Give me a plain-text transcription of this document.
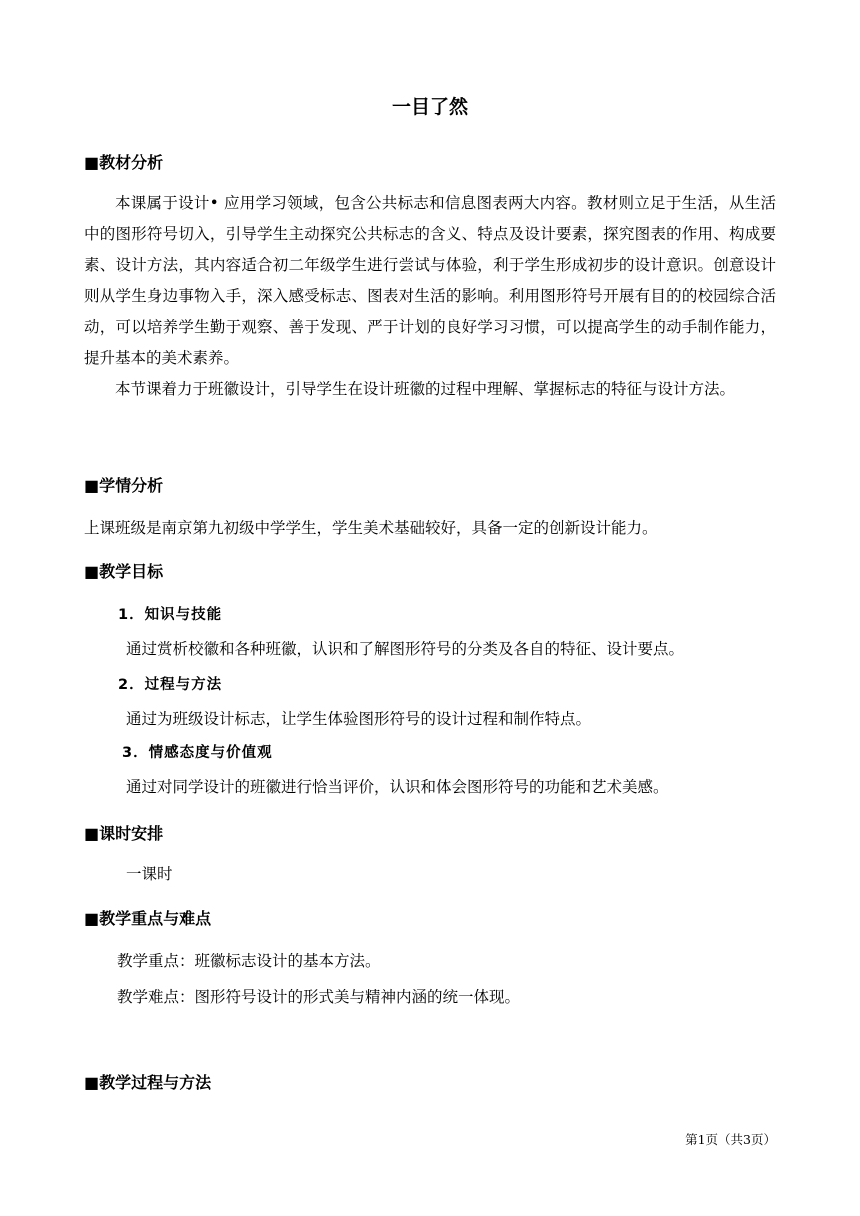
一目了然
■教材分析

本课属于设计• 应用学习领域，包含公共标志和信息图表两大内容。教材则立足于生活，从生活中的图形符号切入，引导学生主动探究公共标志的含义、特点及设计要素，探究图表的作用、构成要素、设计方法，其内容适合初二年级学生进行尝试与体验，利于学生形成初步的设计意识。创意设计则从学生身边事物入手，深入感受标志、图表对生活的影响。利用图形符号开展有目的的校园综合活动，可以培养学生勤于观察、善于发现、严于计划的良好学习习惯，可以提高学生的动手制作能力，提升基本的美术素养。

本节课着力于班徽设计，引导学生在设计班徽的过程中理解、掌握标志的特征与设计方法。

■学情分析
上课班级是南京第九初级中学学生，学生美术基础较好，具备一定的创新设计能力。
■教学目标
1．知识与技能
通过赏析校徽和各种班徽，认识和了解图形符号的分类及各自的特征、设计要点。
2．过程与方法
通过为班级设计标志，让学生体验图形符号的设计过程和制作特点。
3．情感态度与价值观
通过对同学设计的班徽进行恰当评价，认识和体会图形符号的功能和艺术美感。
■课时安排
一课时
■教学重点与难点
教学重点：班徽标志设计的基本方法。
教学难点：图形符号设计的形式美与精神内涵的统一体现。
■教学过程与方法
第1页（共3页）
